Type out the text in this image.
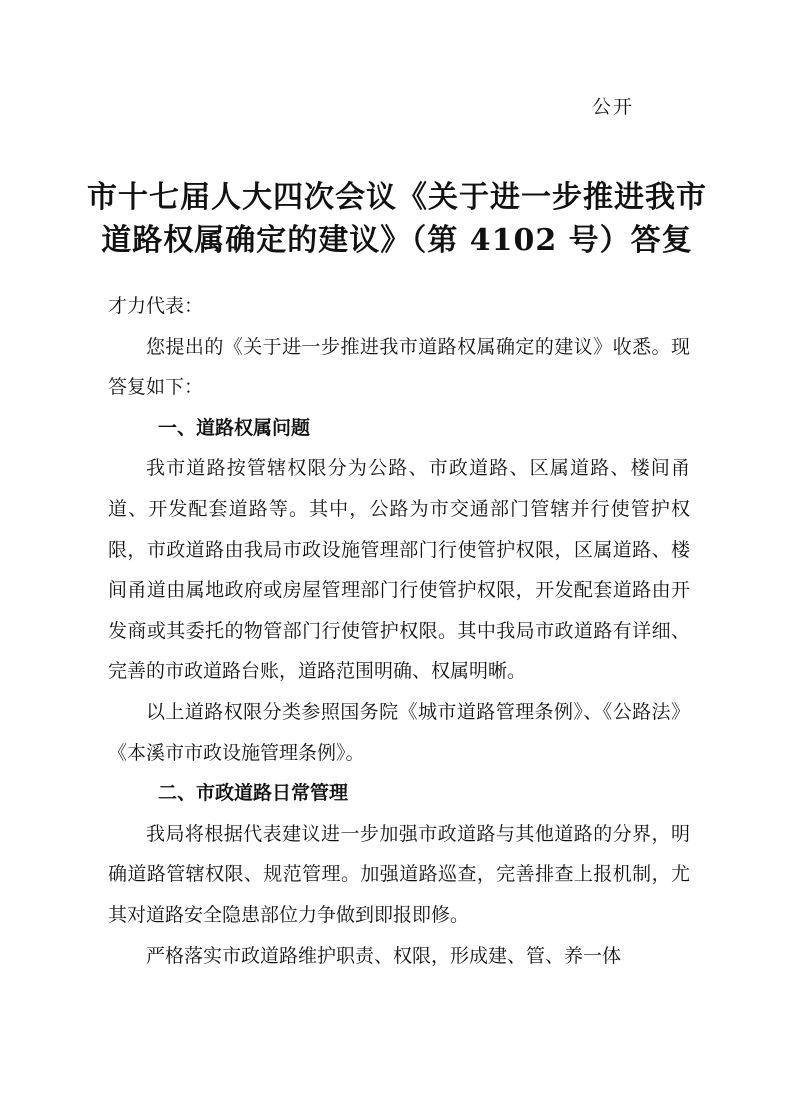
公开
市十七届人大四次会议《关于进一步推进我市
道路权属确定的建议》（第 4102 号）答复

才力代表：

您提出的《关于进一步推进我市道路权属确定的建议》收悉。现答复如下：

一、道路权属问题

我市道路按管辖权限分为公路、市政道路、区属道路、楼间甬道、开发配套道路等。其中，公路为市交通部门管辖并行使管护权限，市政道路由我局市政设施管理部门行使管护权限，区属道路、楼间甬道由属地政府或房屋管理部门行使管护权限，开发配套道路由开发商或其委托的物管部门行使管护权限。其中我局市政道路有详细、完善的市政道路台账，道路范围明确、权属明晰。

以上道路权限分类参照国务院《城市道路管理条例》、《公路法》《本溪市市政设施管理条例》。

二、市政道路日常管理

我局将根据代表建议进一步加强市政道路与其他道路的分界，明确道路管辖权限、规范管理。加强道路巡查，完善排查上报机制，尤其对道路安全隐患部位力争做到即报即修。

严格落实市政道路维护职责、权限，形成建、管、养一体
